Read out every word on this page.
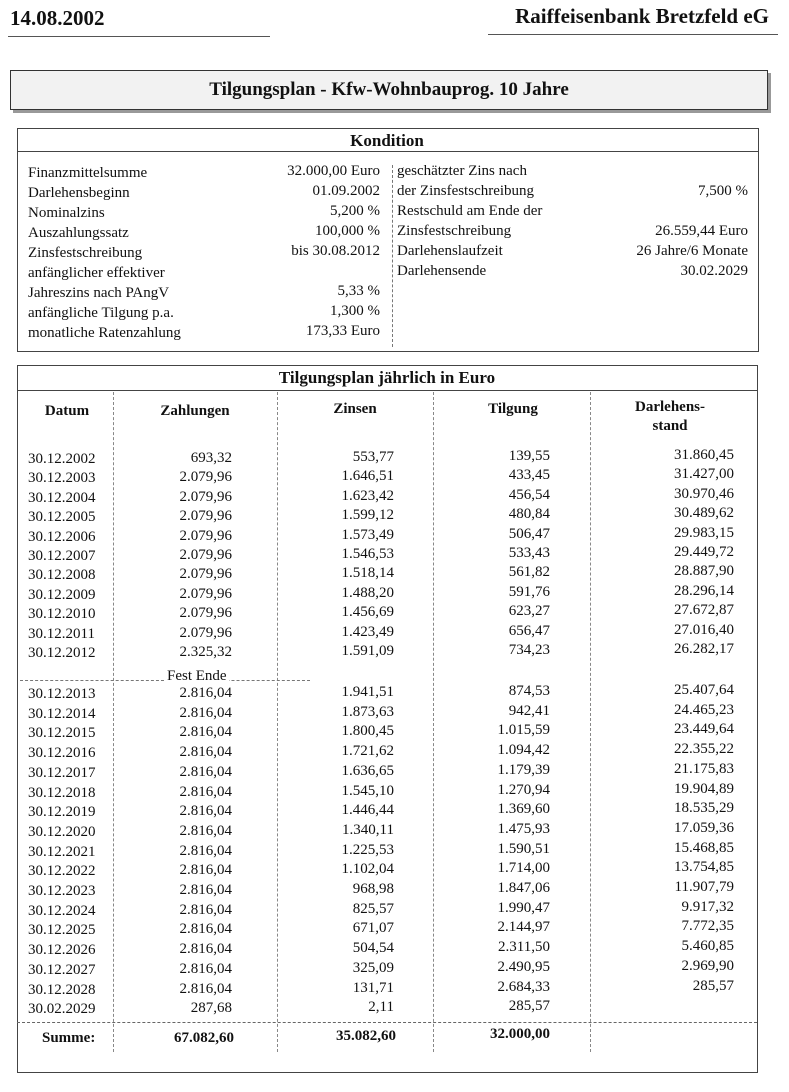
14.08.2002	Raiffeisenbank Bretzfeld eG
Tilgungsplan - Kfw-Wohnbauprog. 10 Jahre
Kondition
Finanzmittelsumme	32.000,00 Euro
Darlehensbeginn	01.09.2002
Nominalzins	5,200 %
Auszahlungssatz	100,000 %
Zinsfestschreibung	bis 30.08.2012
anfänglicher effektiver
Jahreszins nach PAngV	5,33 %
anfängliche Tilgung p.a.	1,300 %
monatliche Ratenzahlung	173,33 Euro
geschätzter Zins nach
der Zinsfestschreibung	7,500 %
Restschuld am Ende der
Zinsfestschreibung	26.559,44 Euro
Darlehenslaufzeit	26 Jahre/6 Monate
Darlehensende	30.02.2029
Tilgungsplan jährlich in Euro
Datum	Zahlungen	Zinsen	Tilgung	Darlehens-
stand
30.12.2002	693,32	553,77	139,55	31.860,45
30.12.2003	2.079,96	1.646,51	433,45	31.427,00
30.12.2004	2.079,96	1.623,42	456,54	30.970,46
30.12.2005	2.079,96	1.599,12	480,84	30.489,62
30.12.2006	2.079,96	1.573,49	506,47	29.983,15
30.12.2007	2.079,96	1.546,53	533,43	29.449,72
30.12.2008	2.079,96	1.518,14	561,82	28.887,90
30.12.2009	2.079,96	1.488,20	591,76	28.296,14
30.12.2010	2.079,96	1.456,69	623,27	27.672,87
30.12.2011	2.079,96	1.423,49	656,47	27.016,40
30.12.2012	2.325,32	1.591,09	734,23	26.282,17
30.12.2013	2.816,04	1.941,51	874,53	25.407,64
30.12.2014	2.816,04	1.873,63	942,41	24.465,23
30.12.2015	2.816,04	1.800,45	1.015,59	23.449,64
30.12.2016	2.816,04	1.721,62	1.094,42	22.355,22
30.12.2017	2.816,04	1.636,65	1.179,39	21.175,83
30.12.2018	2.816,04	1.545,10	1.270,94	19.904,89
30.12.2019	2.816,04	1.446,44	1.369,60	18.535,29
30.12.2020	2.816,04	1.340,11	1.475,93	17.059,36
30.12.2021	2.816,04	1.225,53	1.590,51	15.468,85
30.12.2022	2.816,04	1.102,04	1.714,00	13.754,85
30.12.2023	2.816,04	968,98	1.847,06	11.907,79
30.12.2024	2.816,04	825,57	1.990,47	9.917,32
30.12.2025	2.816,04	671,07	2.144,97	7.772,35
30.12.2026	2.816,04	504,54	2.311,50	5.460,85
30.12.2027	2.816,04	325,09	2.490,95	2.969,90
30.12.2028	2.816,04	131,71	2.684,33	285,57
30.02.2029	287,68	2,11	285,57
Fest Ende
Summe:	67.082,60	35.082,60	32.000,00
